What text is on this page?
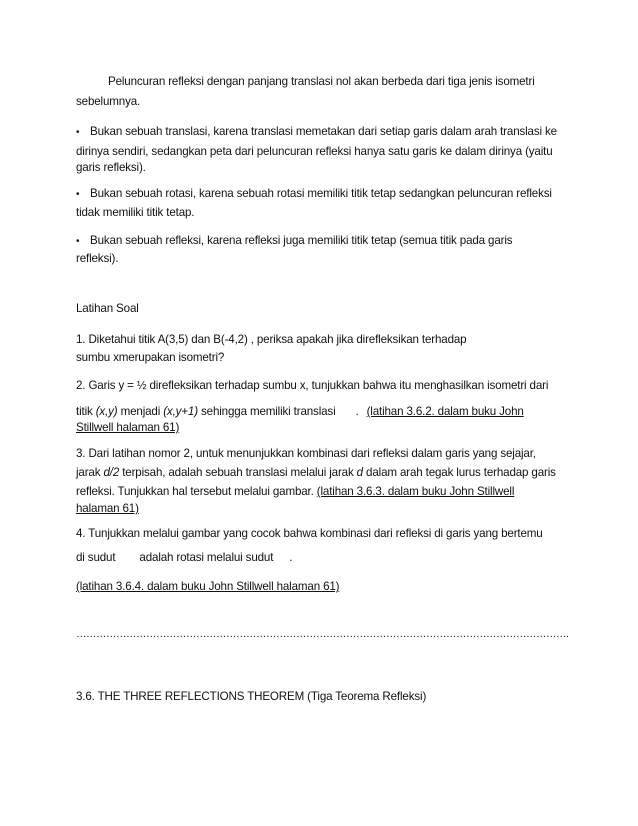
Peluncuran refleksi dengan panjang translasi nol akan berbeda dari tiga jenis isometri
sebelumnya.
• Bukan sebuah translasi, karena translasi memetakan dari setiap garis dalam arah translasi ke
dirinya sendiri, sedangkan peta dari peluncuran refleksi hanya satu garis ke dalam dirinya (yaitu
garis refleksi).
• Bukan sebuah rotasi, karena sebuah rotasi memiliki titik tetap sedangkan peluncuran refleksi
tidak memiliki titik tetap.
• Bukan sebuah refleksi, karena refleksi juga memiliki titik tetap (semua titik pada garis
refleksi).
Latihan Soal
1. Diketahui titik A(3,5) dan B(-4,2) , periksa apakah jika direfleksikan terhadap
sumbu xmerupakan isometri?
2. Garis y = ½ direfleksikan terhadap sumbu x, tunjukkan bahwa itu menghasilkan isometri dari
titik (x,y) menjadi (x,y+1) sehingga memiliki translasi . (latihan 3.6.2. dalam buku John
Stillwell halaman 61)
3. Dari latihan nomor 2, untuk menunjukkan kombinasi dari refleksi dalam garis yang sejajar,
jarak d/2 terpisah, adalah sebuah translasi melalui jarak d dalam arah tegak lurus terhadap garis
refleksi. Tunjukkan hal tersebut melalui gambar. (latihan 3.6.3. dalam buku John Stillwell
halaman 61)
4. Tunjukkan melalui gambar yang cocok bahwa kombinasi dari refleksi di garis yang bertemu
di sudut adalah rotasi melalui sudut .
(latihan 3.6.4. dalam buku John Stillwell halaman 61)
………………………………………………………………………………………………………………………………….
3.6. THE THREE REFLECTIONS THEOREM (Tiga Teorema Refleksi)
